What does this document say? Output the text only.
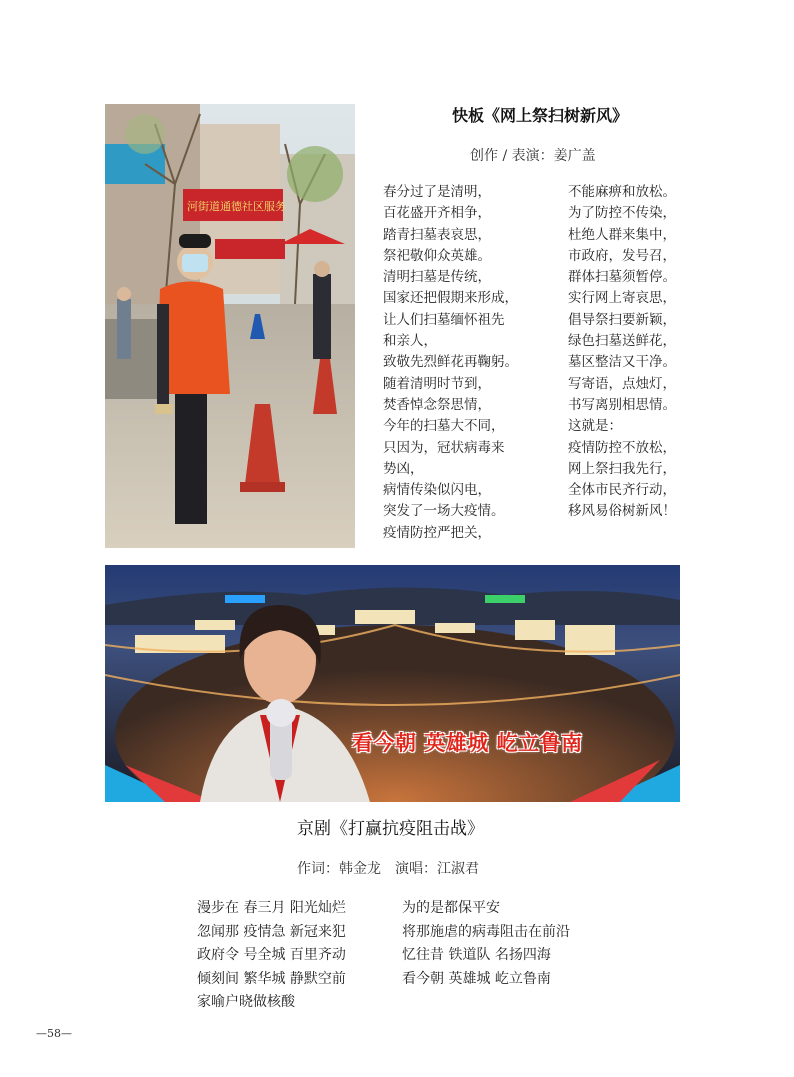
河街道通德社区服务
快板《网上祭扫树新风》
创作 / 表演：姜广盖
春分过了是清明，
百花盛开齐相争，
踏青扫墓表哀思，
祭祀敬仰众英雄。
清明扫墓是传统，
国家还把假期来形成，
让人们扫墓缅怀祖先
和亲人，
致敬先烈鲜花再鞠躬。
随着清明时节到，
焚香悼念祭思情，
今年的扫墓大不同，
只因为，冠状病毒来
势凶，
病情传染似闪电，
突发了一场大疫情。
疫情防控严把关，
不能麻痹和放松。
为了防控不传染，
杜绝人群来集中，
市政府，发号召，
群体扫墓须暂停。
实行网上寄哀思，
倡导祭扫要新颖，
绿色扫墓送鲜花，
墓区整洁又干净。
写寄语，点烛灯，
书写离别相思情。
这就是：
疫情防控不放松，
网上祭扫我先行，
全体市民齐行动，
移风易俗树新风！
看今朝 英雄城 屹立鲁南
京剧《打赢抗疫阻击战》
作词：韩金龙　演唱：江淑君
漫步在 春三月 阳光灿烂
忽闻那 疫情急 新冠来犯
政府令 号全城 百里齐动
倾刻间 繁华城 静默空前
家喻户晓做核酸
为的是都保平安
将那施虐的病毒阻击在前沿
忆往昔 铁道队 名扬四海
看今朝 英雄城 屹立鲁南
—58—
